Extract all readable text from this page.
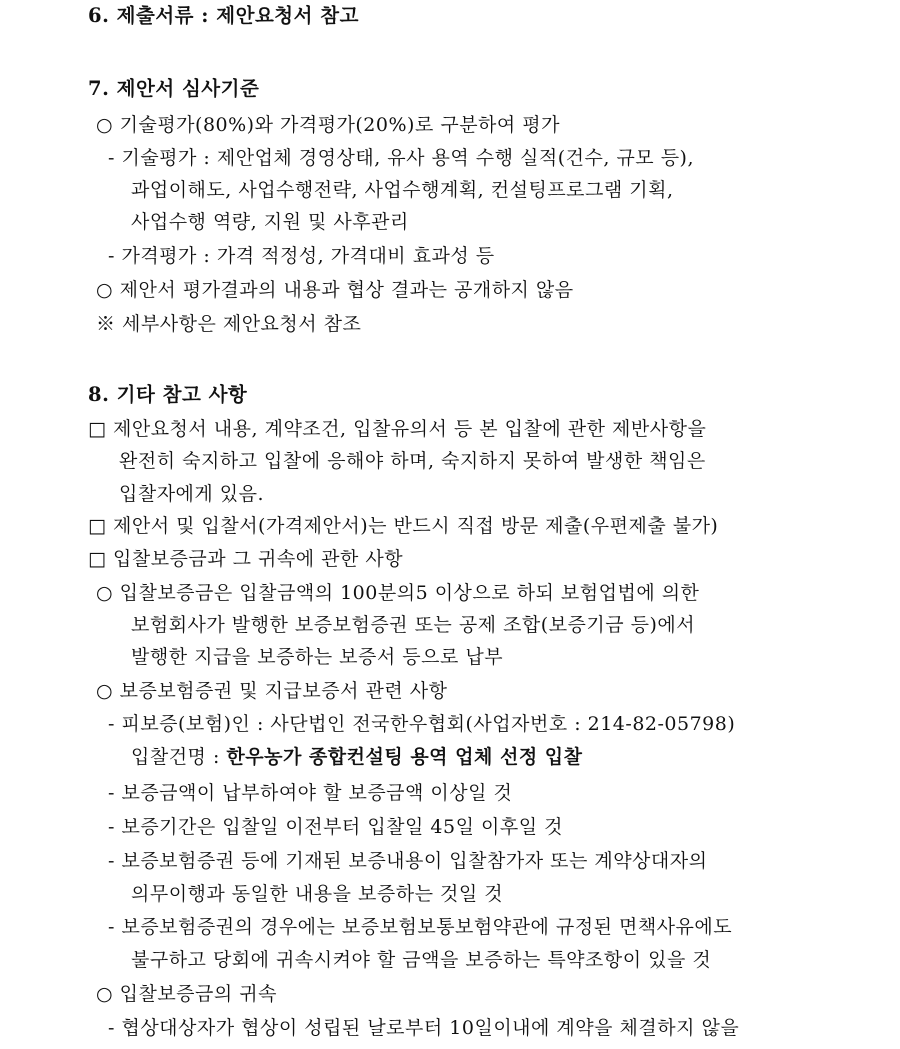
6. 제출서류 : 제안요청서 참고
7. 제안서 심사기준
○ 기술평가(80%)와 가격평가(20%)로 구분하여 평가
- 기술평가 : 제안업체 경영상태, 유사 용역 수행 실적(건수, 규모 등),
과업이해도, 사업수행전략, 사업수행계획, 컨설팅프로그램 기획,
사업수행 역량, 지원 및 사후관리
- 가격평가 : 가격 적정성, 가격대비 효과성 등
○ 제안서 평가결과의 내용과 협상 결과는 공개하지 않음
※ 세부사항은 제안요청서 참조
8. 기타 참고 사항
□ 제안요청서 내용, 계약조건, 입찰유의서 등 본 입찰에 관한 제반사항을
완전히 숙지하고 입찰에 응해야 하며, 숙지하지 못하여 발생한 책임은
입찰자에게 있음.
□ 제안서 및 입찰서(가격제안서)는 반드시 직접 방문 제출(우편제출 불가)
□ 입찰보증금과 그 귀속에 관한 사항
○ 입찰보증금은 입찰금액의 100분의5 이상으로 하되 보험업법에 의한
보험회사가 발행한 보증보험증권 또는 공제 조합(보증기금 등)에서
발행한 지급을 보증하는 보증서 등으로 납부
○ 보증보험증권 및 지급보증서 관련 사항
- 피보증(보험)인 : 사단법인 전국한우협회(사업자번호 : 214-82-05798)
입찰건명 : 한우농가 종합컨설팅 용역 업체 선정 입찰
- 보증금액이 납부하여야 할 보증금액 이상일 것
- 보증기간은 입찰일 이전부터 입찰일 45일 이후일 것
- 보증보험증권 등에 기재된 보증내용이 입찰참가자 또는 계약상대자의
의무이행과 동일한 내용을 보증하는 것일 것
- 보증보험증권의 경우에는 보증보험보통보험약관에 규정된 면책사유에도
불구하고 당회에 귀속시켜야 할 금액을 보증하는 특약조항이 있을 것
○ 입찰보증금의 귀속
- 협상대상자가 협상이 성립된 날로부터 10일이내에 계약을 체결하지 않을
